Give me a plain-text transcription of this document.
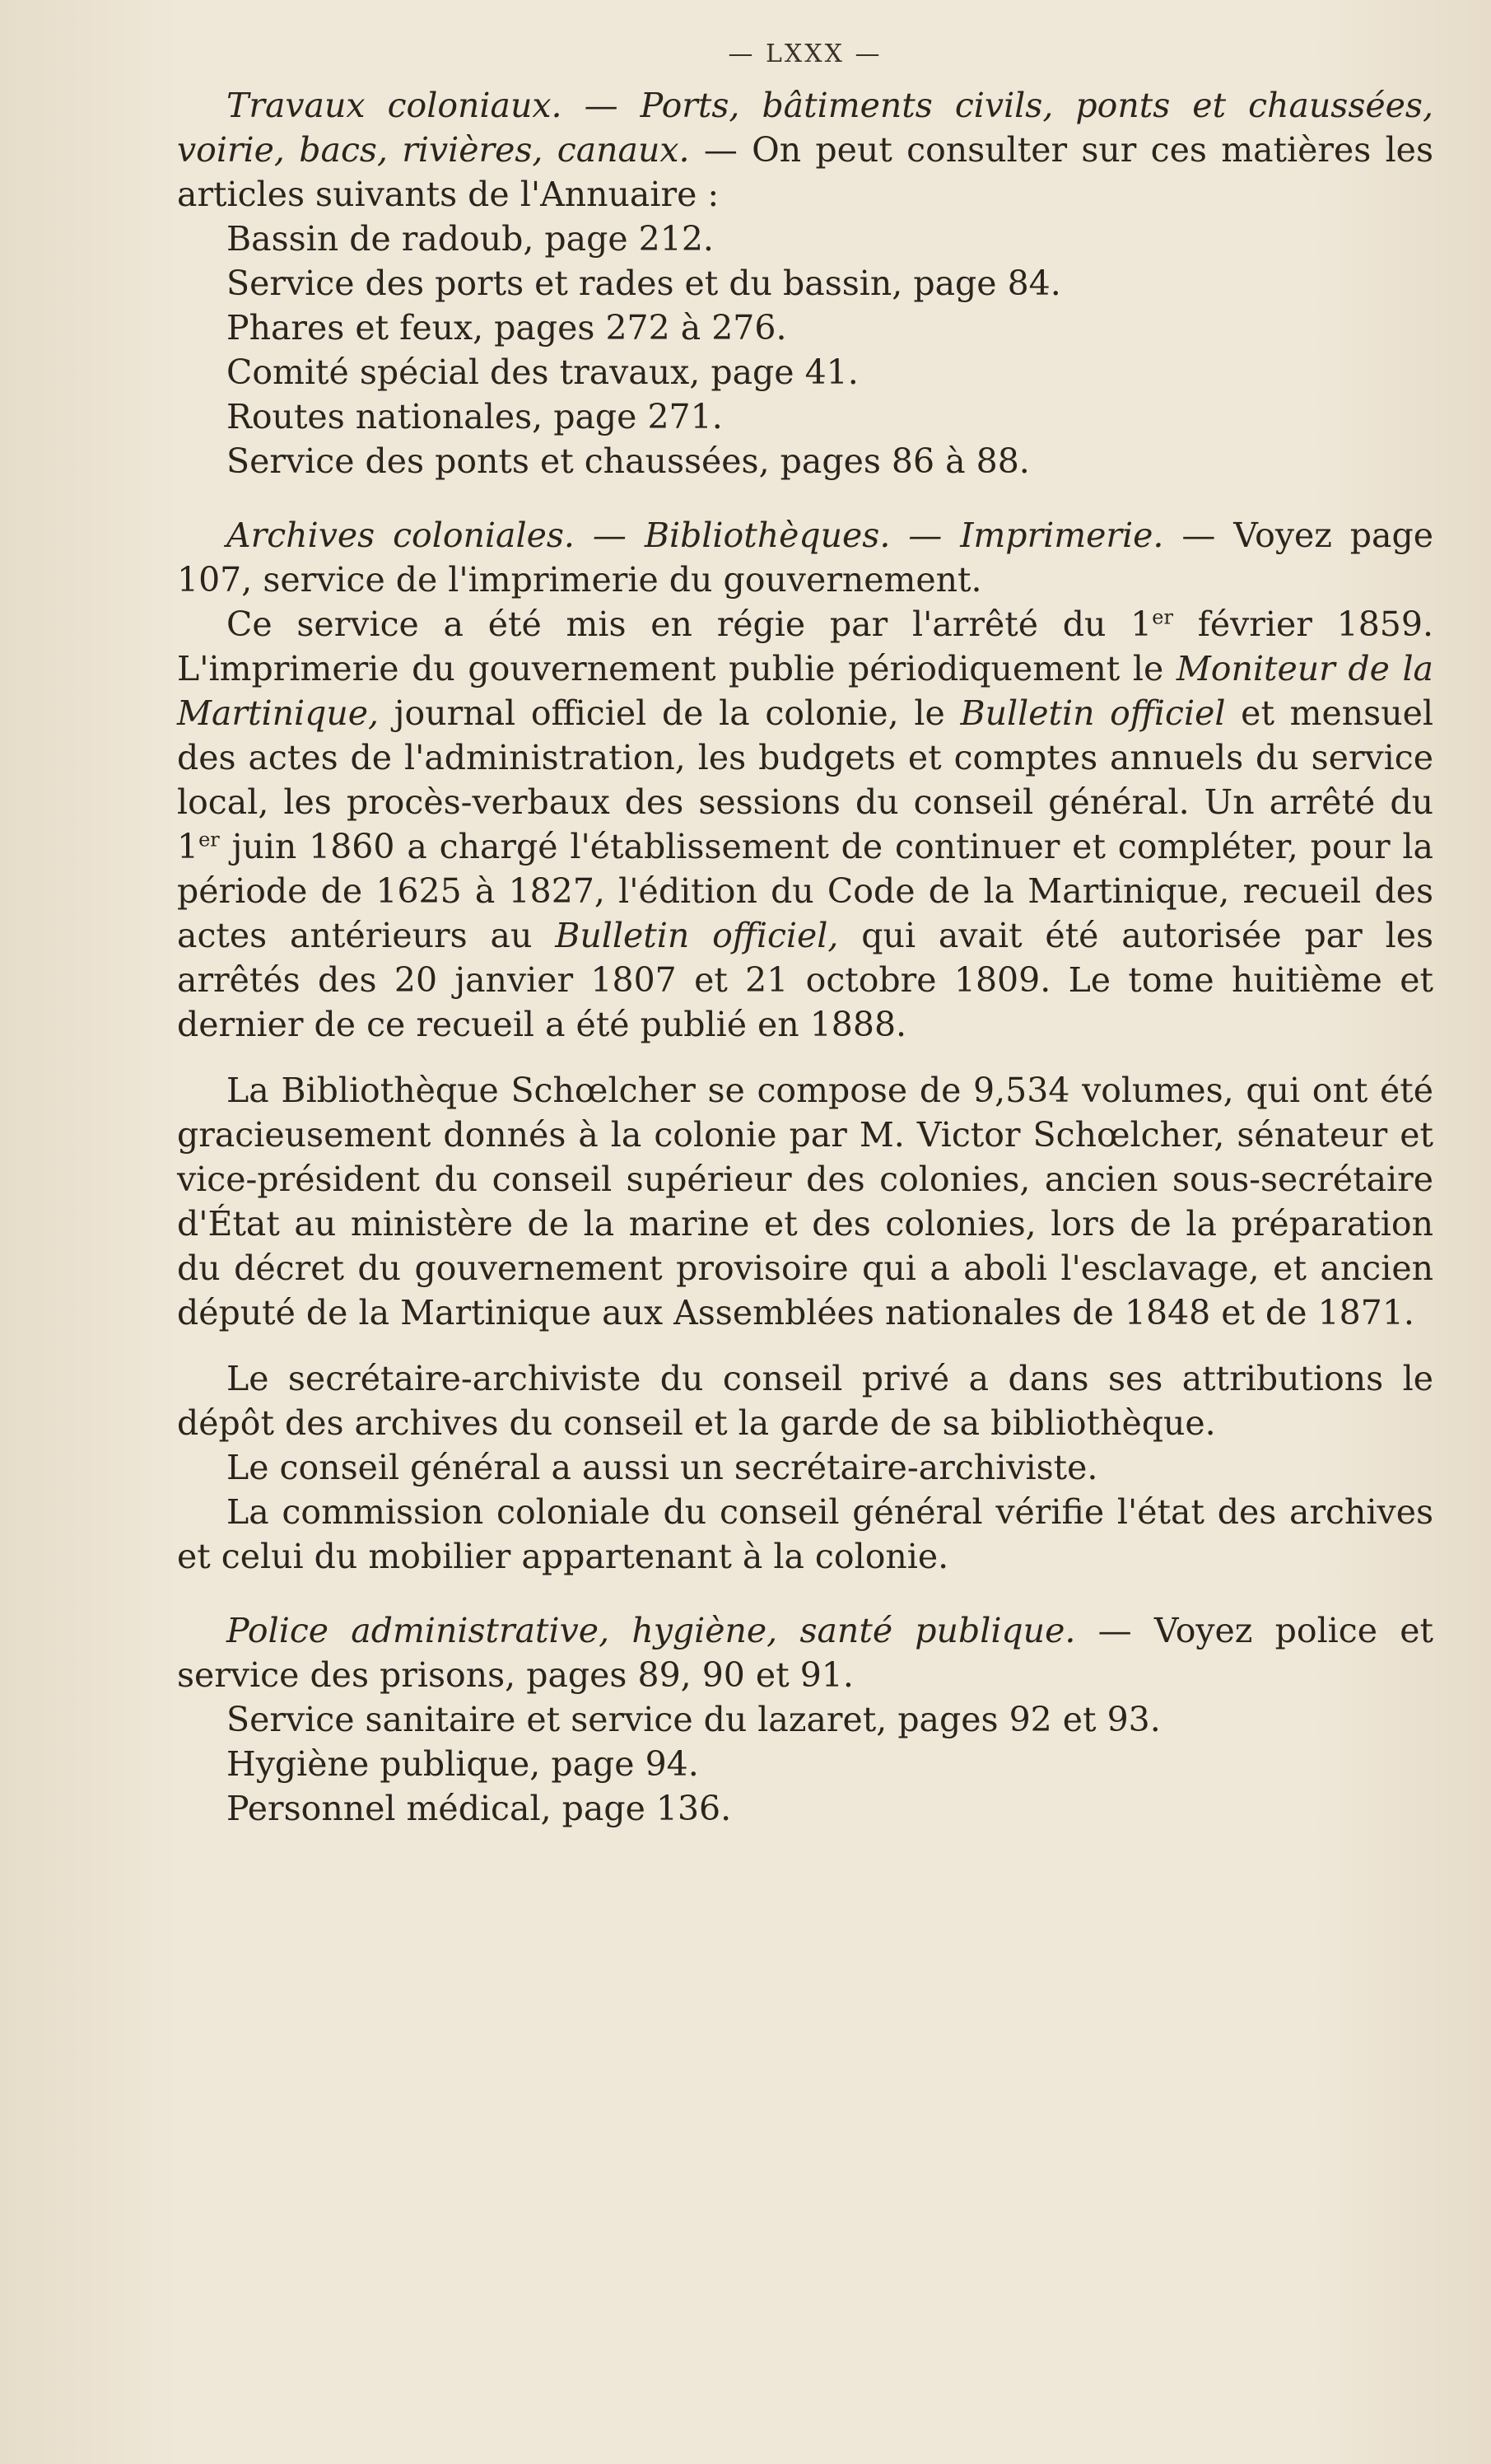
— LXXX —

Travaux coloniaux. — Ports, bâtiments civils, ponts et chaussées, voirie, bacs, rivières, canaux. — On peut consulter sur ces matières les articles suivants de l'Annuaire :

Bassin de radoub, page 212.

Service des ports et rades et du bassin, page 84.

Phares et feux, pages 272 à 276.

Comité spécial des travaux, page 41.

Routes nationales, page 271.

Service des ponts et chaussées, pages 86 à 88.

Archives coloniales. — Bibliothèques. — Imprimerie. — Voyez page 107, service de l'imprimerie du gouvernement.

Ce service a été mis en régie par l'arrêté du 1er février 1859. L'imprimerie du gouvernement publie périodiquement le Moniteur de la Martinique, journal officiel de la colonie, le Bulletin officiel et mensuel des actes de l'administration, les budgets et comptes annuels du service local, les procès-verbaux des sessions du conseil général. Un arrêté du 1er juin 1860 a chargé l'établissement de continuer et compléter, pour la période de 1625 à 1827, l'édition du Code de la Martinique, recueil des actes antérieurs au Bulletin officiel, qui avait été autorisée par les arrêtés des 20 janvier 1807 et 21 octobre 1809. Le tome huitième et dernier de ce recueil a été publié en 1888.

La Bibliothèque Schœlcher se compose de 9,534 volumes, qui ont été gracieusement donnés à la colonie par M. Victor Schœlcher, sénateur et vice-président du conseil supérieur des colonies, ancien sous-secrétaire d'État au ministère de la marine et des colonies, lors de la préparation du décret du gouvernement provisoire qui a aboli l'esclavage, et ancien député de la Martinique aux Assemblées nationales de 1848 et de 1871.

Le secrétaire-archiviste du conseil privé a dans ses attributions le dépôt des archives du conseil et la garde de sa bibliothèque.

Le conseil général a aussi un secrétaire-archiviste.

La commission coloniale du conseil général vérifie l'état des archives et celui du mobilier appartenant à la colonie.

Police administrative, hygiène, santé publique. — Voyez police et service des prisons, pages 89, 90 et 91.

Service sanitaire et service du lazaret, pages 92 et 93.

Hygiène publique, page 94.

Personnel médical, page 136.
